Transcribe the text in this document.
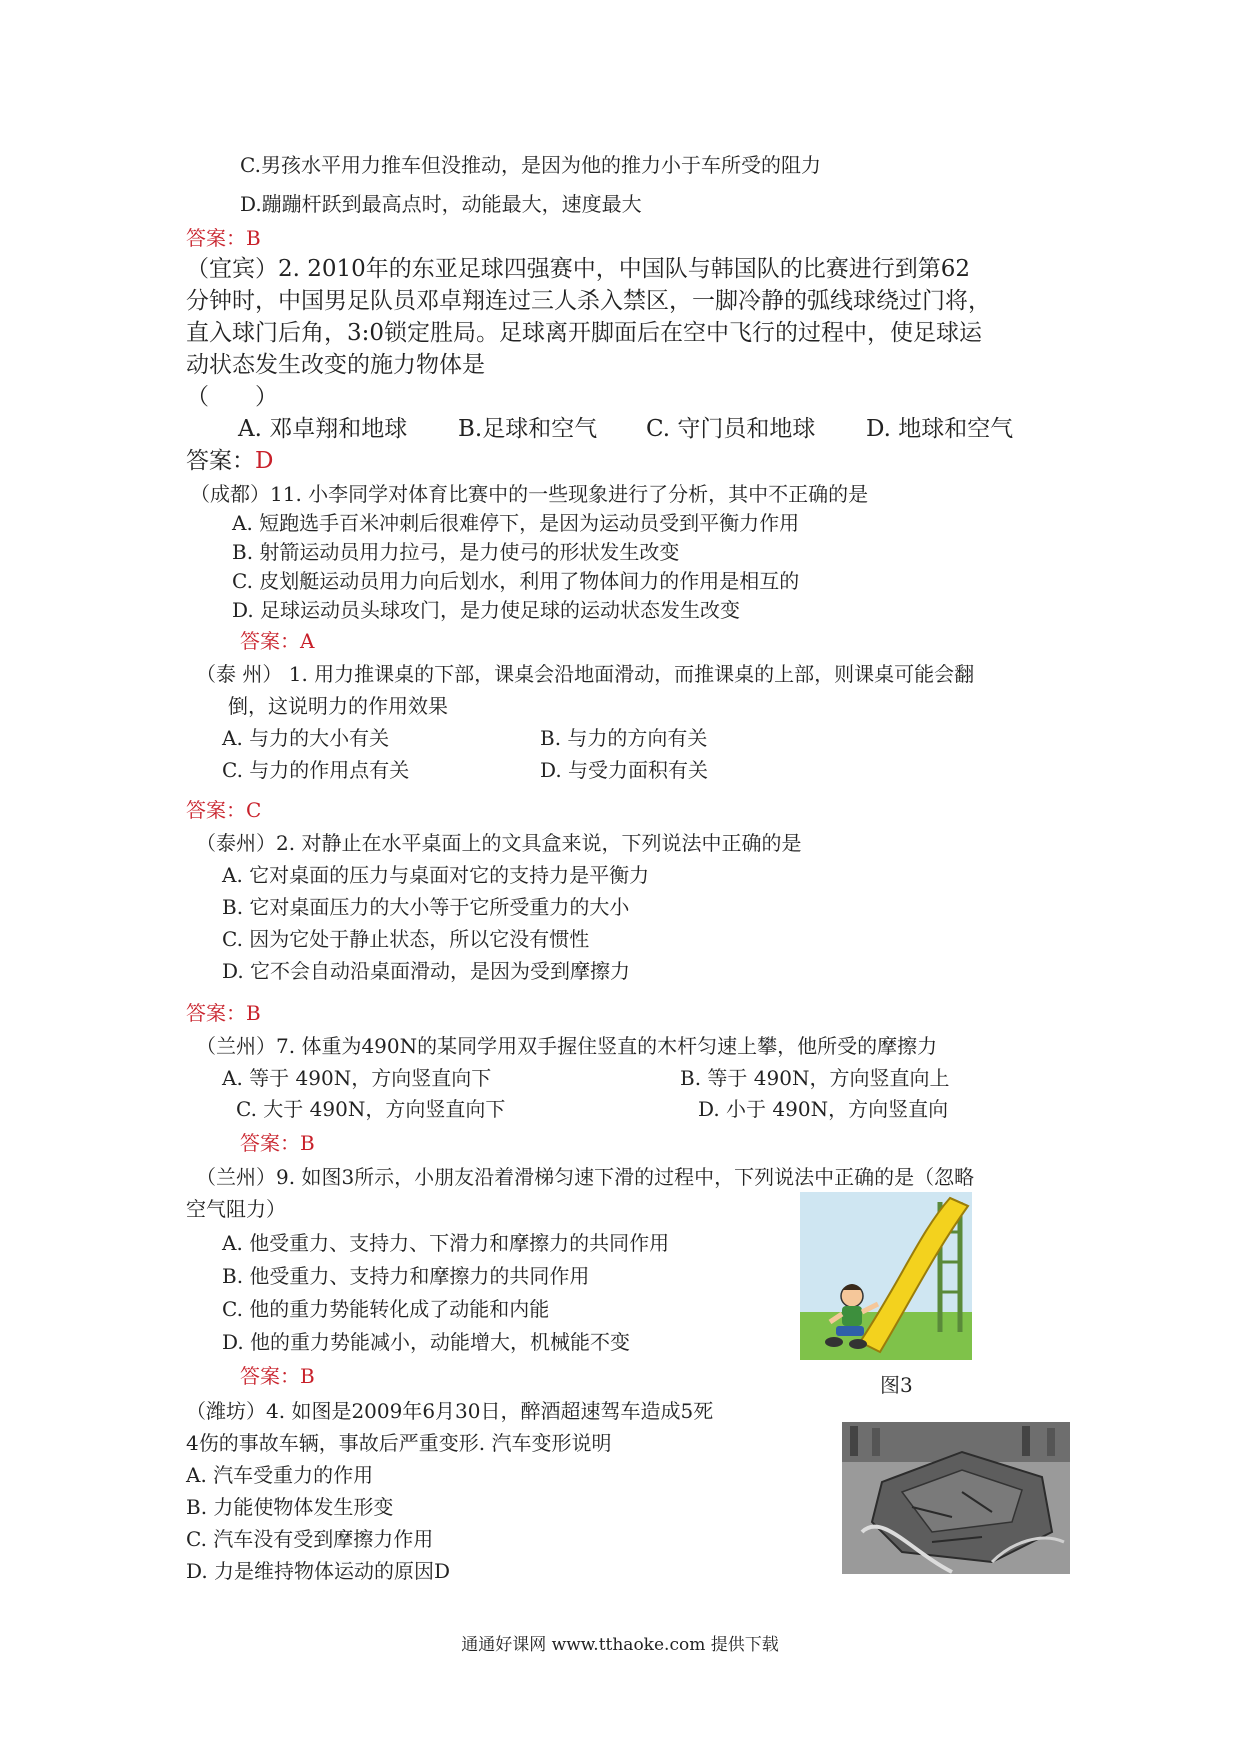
C.男孩水平用力推车但没推动，是因为他的推力小于车所受的阻力
D.蹦蹦杆跃到最高点时，动能最大，速度最大
答案：B
（宜宾）2. 2010年的东亚足球四强赛中，中国队与韩国队的比赛进行到第62
分钟时，中国男足队员邓卓翔连过三人杀入禁区，一脚冷静的弧线球绕过门将，
直入球门后角，3:0锁定胜局。足球离开脚面后在空中飞行的过程中，使足球运
动状态发生改变的施力物体是
（　　）
A. 邓卓翔和地球 B.足球和空气 C. 守门员和地球 D. 地球和空气
答案：D
（成都）11. 小李同学对体育比赛中的一些现象进行了分析，其中不正确的是
A. 短跑选手百米冲刺后很难停下，是因为运动员受到平衡力作用
B. 射箭运动员用力拉弓，是力使弓的形状发生改变
C. 皮划艇运动员用力向后划水，利用了物体间力的作用是相互的
D. 足球运动员头球攻门，是力使足球的运动状态发生改变
答案：A
（泰 州） 1. 用力推课桌的下部，课桌会沿地面滑动，而推课桌的上部，则课桌可能会翻
倒，这说明力的作用效果
A. 与力的大小有关	B. 与力的方向有关
C. 与力的作用点有关	D. 与受力面积有关
答案：C
（泰州）2. 对静止在水平桌面上的文具盒来说，下列说法中正确的是
A. 它对桌面的压力与桌面对它的支持力是平衡力
B. 它对桌面压力的大小等于它所受重力的大小
C. 因为它处于静止状态，所以它没有惯性
D. 它不会自动沿桌面滑动，是因为受到摩擦力
答案：B
（兰州）7. 体重为490N的某同学用双手握住竖直的木杆匀速上攀，他所受的摩擦力
A. 等于 490N，方向竖直向下	B. 等于 490N，方向竖直向上
C. 大于 490N，方向竖直向下	D. 小于 490N，方向竖直向
答案：B
（兰州）9. 如图3所示，小朋友沿着滑梯匀速下滑的过程中，下列说法中正确的是（忽略
空气阻力）
A. 他受重力、支持力、下滑力和摩擦力的共同作用
B. 他受重力、支持力和摩擦力的共同作用
C. 他的重力势能转化成了动能和内能
D. 他的重力势能减小，动能增大，机械能不变
答案：B	图3
（潍坊）4. 如图是2009年6月30日，醉酒超速驾车造成5死
4伤的事故车辆，事故后严重变形. 汽车变形说明
A. 汽车受重力的作用
B. 力能使物体发生形变
C. 汽车没有受到摩擦力作用
D. 力是维持物体运动的原因D
通通好课网 www.tthaoke.com 提供下载
